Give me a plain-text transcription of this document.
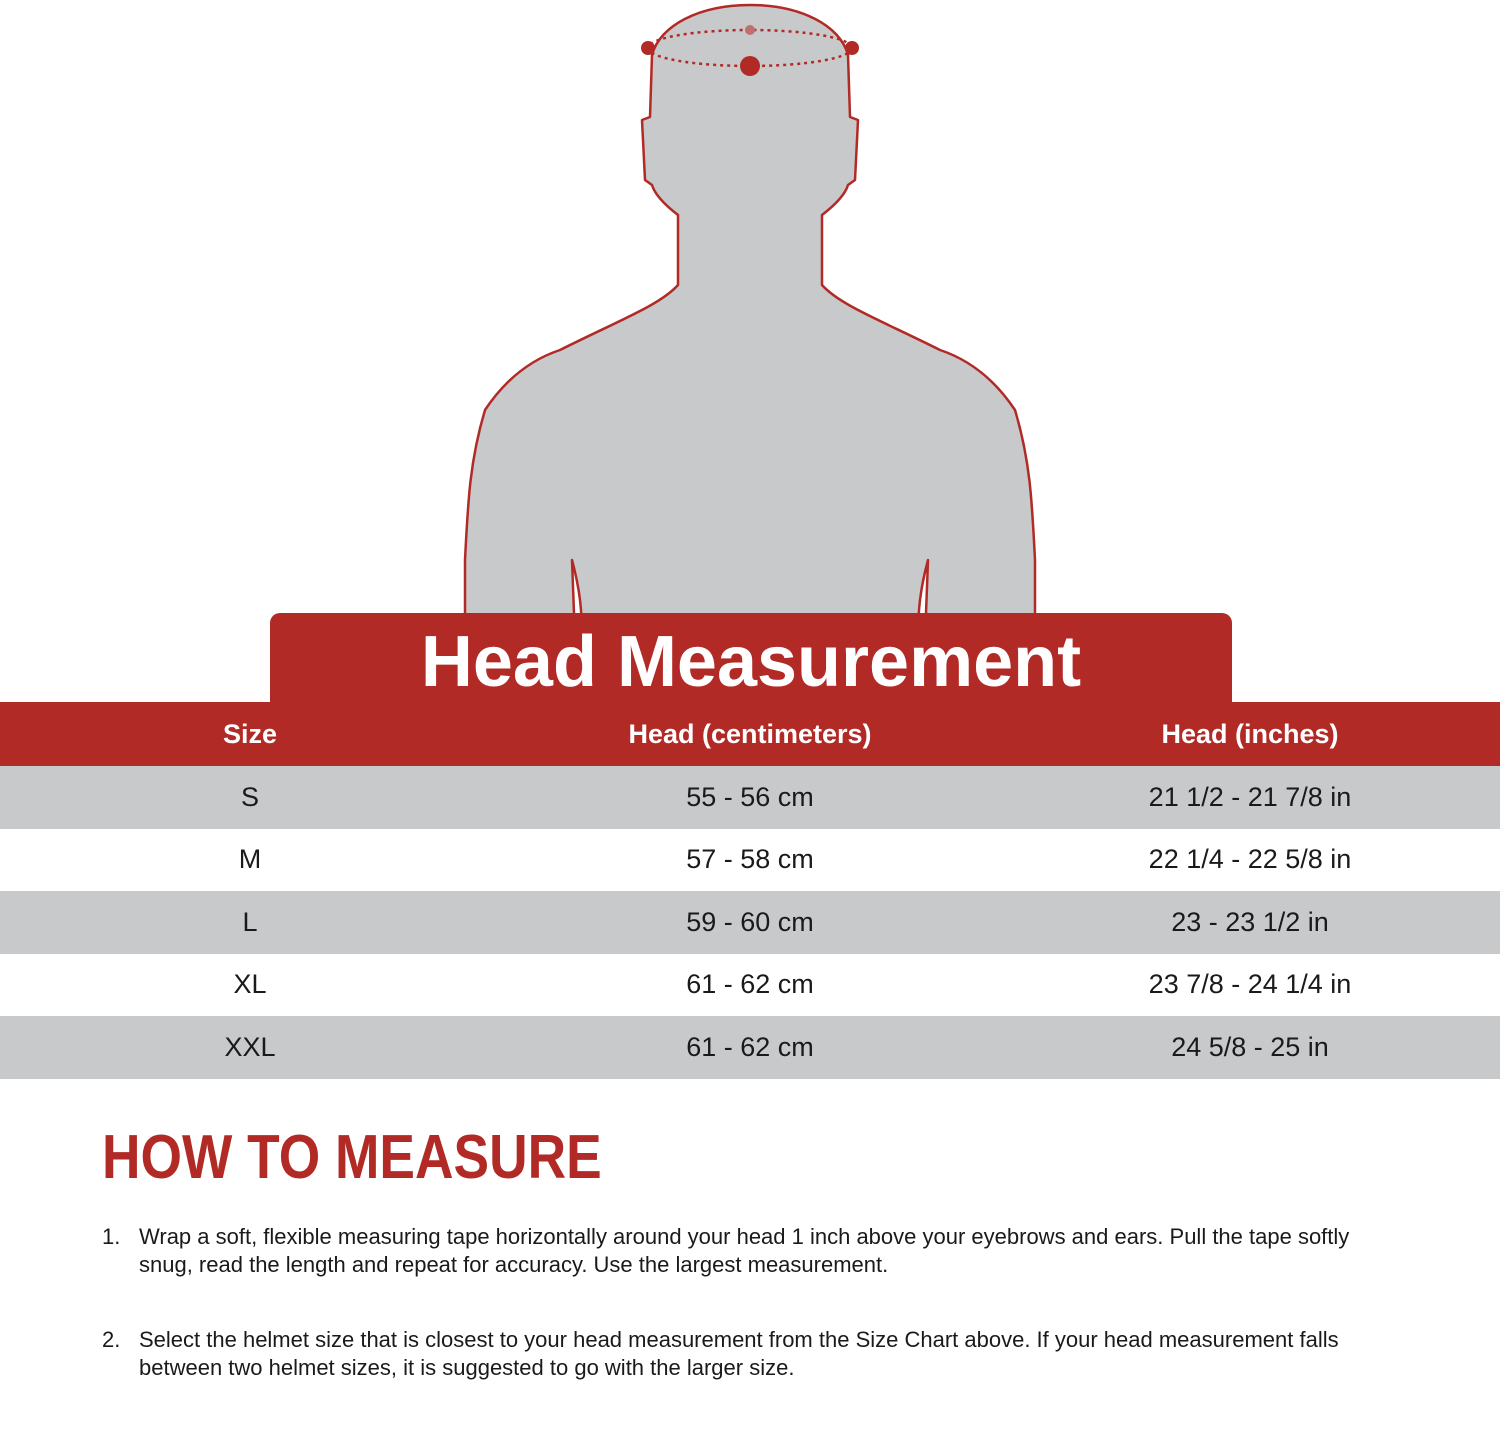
Head Measurement
Size	Head (centimeters)	Head (inches)
S	55 - 56 cm	21 1/2 - 21 7/8 in
M	57 - 58 cm	22 1/4 - 22 5/8 in
L	59 - 60 cm	23 - 23 1/2 in
XL	61 - 62 cm	23 7/8 - 24 1/4 in
XXL	61 - 62 cm	24 5/8 - 25 in
HOW TO MEASURE
1. Wrap a soft, flexible measuring tape horizontally around your head 1 inch above your eyebrows and ears. Pull the tape softly snug, read the length and repeat for accuracy. Use the largest measurement.
2. Select the helmet size that is closest to your head measurement from the Size Chart above. If your head measurement falls between two helmet sizes, it is suggested to go with the larger size.
